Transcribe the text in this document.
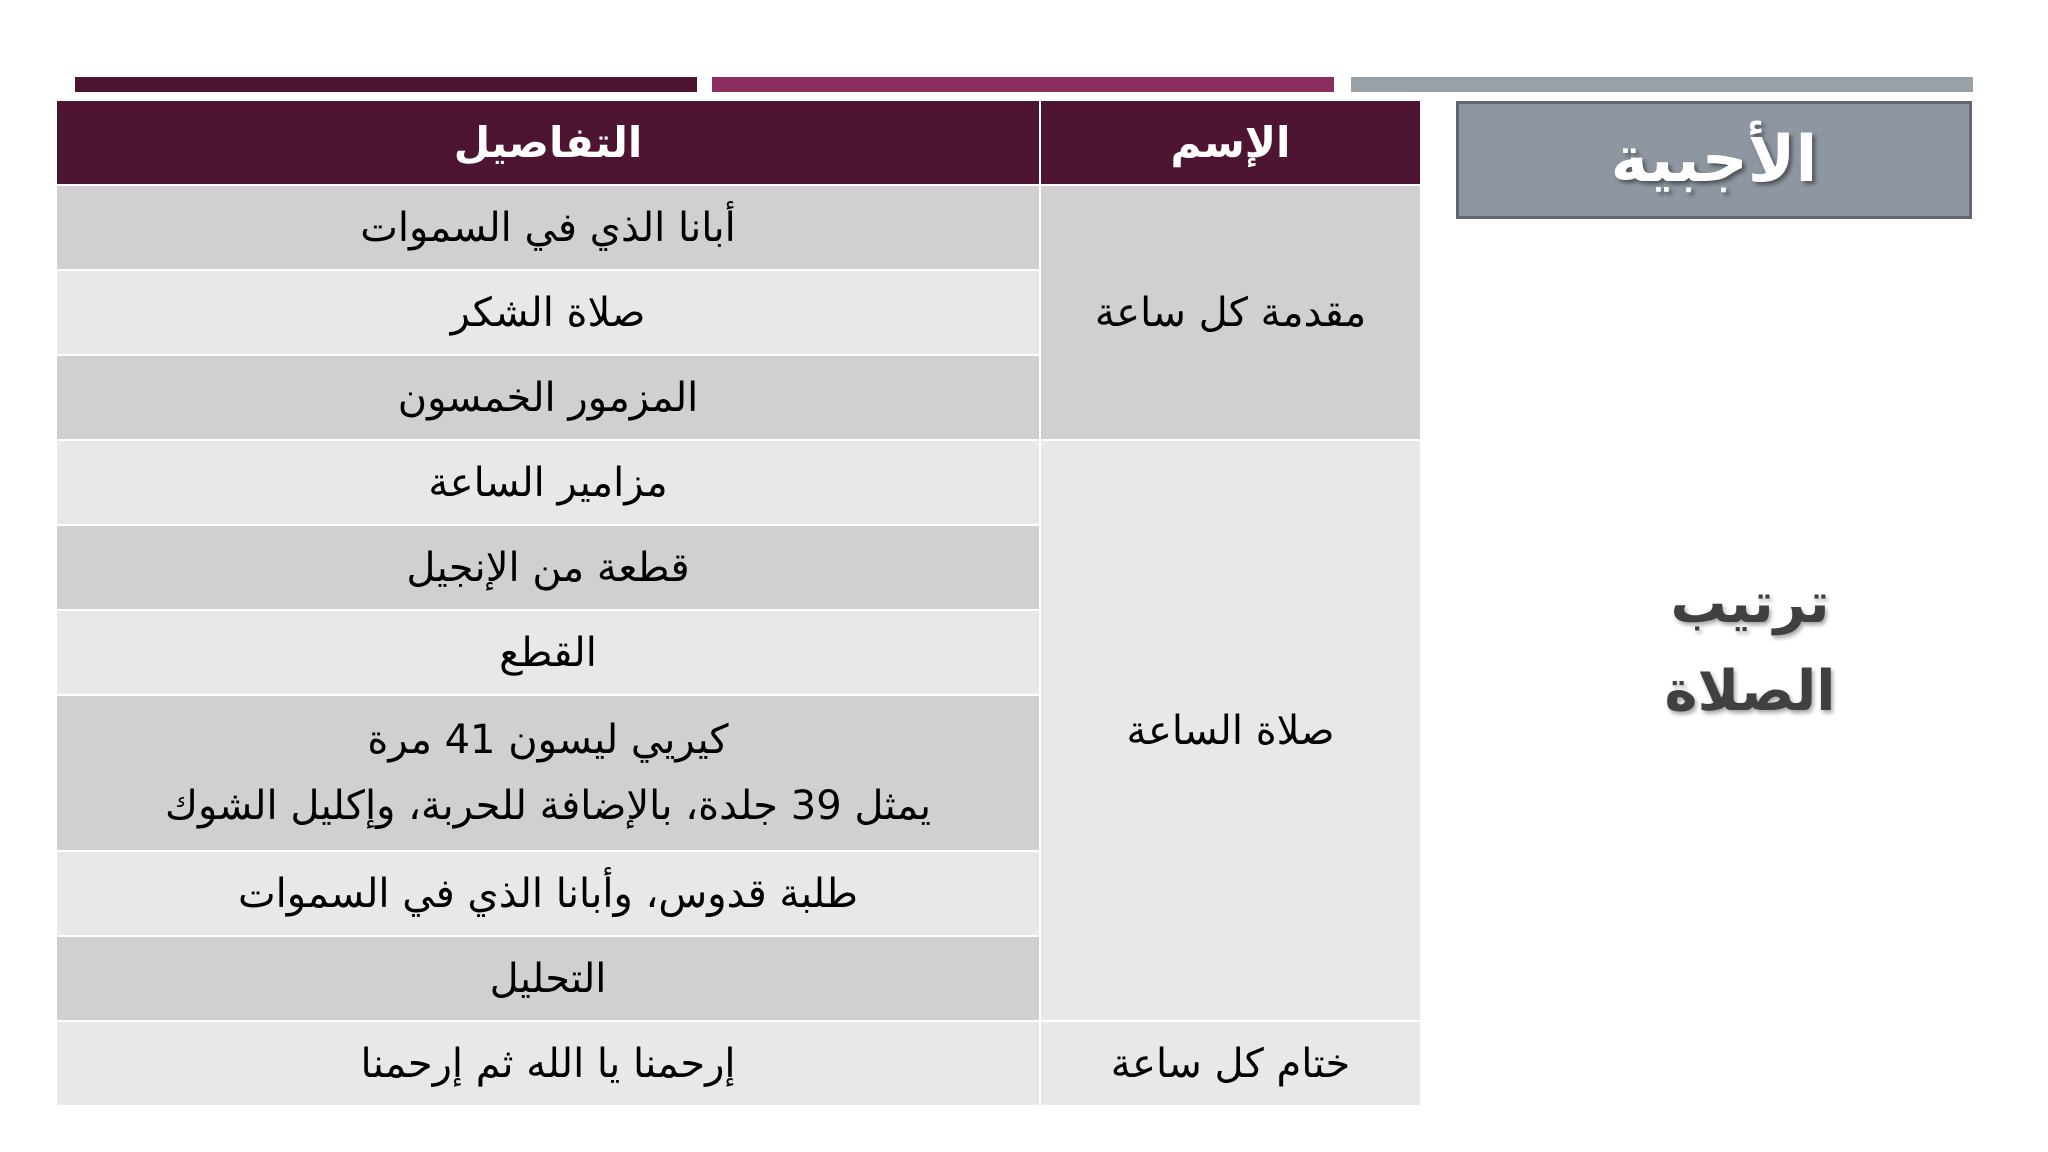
الأجبية
ترتيب
الصلاة
الإسم	التفاصيل
مقدمة كل ساعة	أبانا الذي في السموات
	صلاة الشكر
	المزمور الخمسون
صلاة الساعة	مزامير الساعة
	قطعة من الإنجيل
	القطع

	كيريي ليسون 41 مرة
يمثل 39 جلدة، بالإضافة للحربة، وإكليل الشوك

	طلبة قدوس، وأبانا الذي في السموات
	التحليل
ختام كل ساعة	إرحمنا يا الله ثم إرحمنا
